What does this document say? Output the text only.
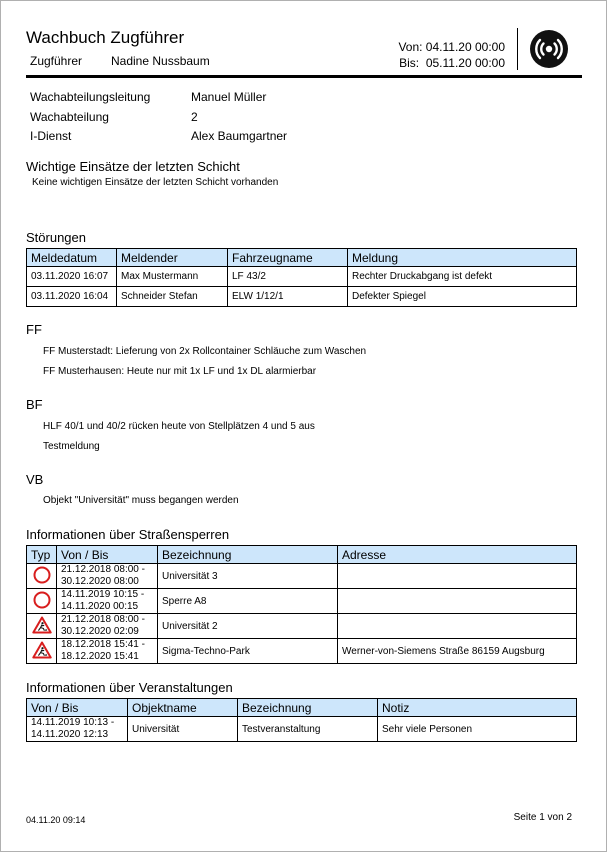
Wachbuch Zugführer
Zugführer Nadine Nussbaum
Von: 04.11.20 00:00
Bis:  05.11.20 00:00
Wachabteilungsleitung	Manuel Müller
Wachabteilung	2
I-Dienst	Alex Baumgartner
Wichtige Einsätze der letzten Schicht
Keine wichtigen Einsätze der letzten Schicht vorhanden
Störungen
Meldedatum	Meldender	Fahrzeugname	Meldung
03.11.2020 16:07	Max Mustermann	LF 43/2	Rechter Druckabgang ist defekt
03.11.2020 16:04	Schneider Stefan	ELW 1/12/1	Defekter Spiegel
FF
FF Musterstadt: Lieferung von 2x Rollcontainer Schläuche zum Waschen
FF Musterhausen: Heute nur mit 1x LF und 1x DL alarmierbar
BF
HLF 40/1 und 40/2 rücken heute von Stellplätzen 4 und 5 aus
Testmeldung
VB
Objekt "Universität" muss begangen werden
Informationen über Straßensperren
Typ	Von / Bis	Bezeichnung	Adresse
	21.12.2018 08:00 -
30.12.2020 08:00	Universität 3	
	14.11.2019 10:15 -
14.11.2020 00:15	Sperre A8	
	21.12.2018 08:00 -
30.12.2020 02:09	Universität 2	
	18.12.2018 15:41 -
18.12.2020 15:41	Sigma-Techno-Park	Werner-von-Siemens Straße 86159 Augsburg
Informationen über Veranstaltungen
Von / Bis	Objektname	Bezeichnung	Notiz
14.11.2019 10:13 -
14.11.2020 12:13	Universität	Testveranstaltung	Sehr viele Personen
04.11.20 09:14	Seite 1 von 2
